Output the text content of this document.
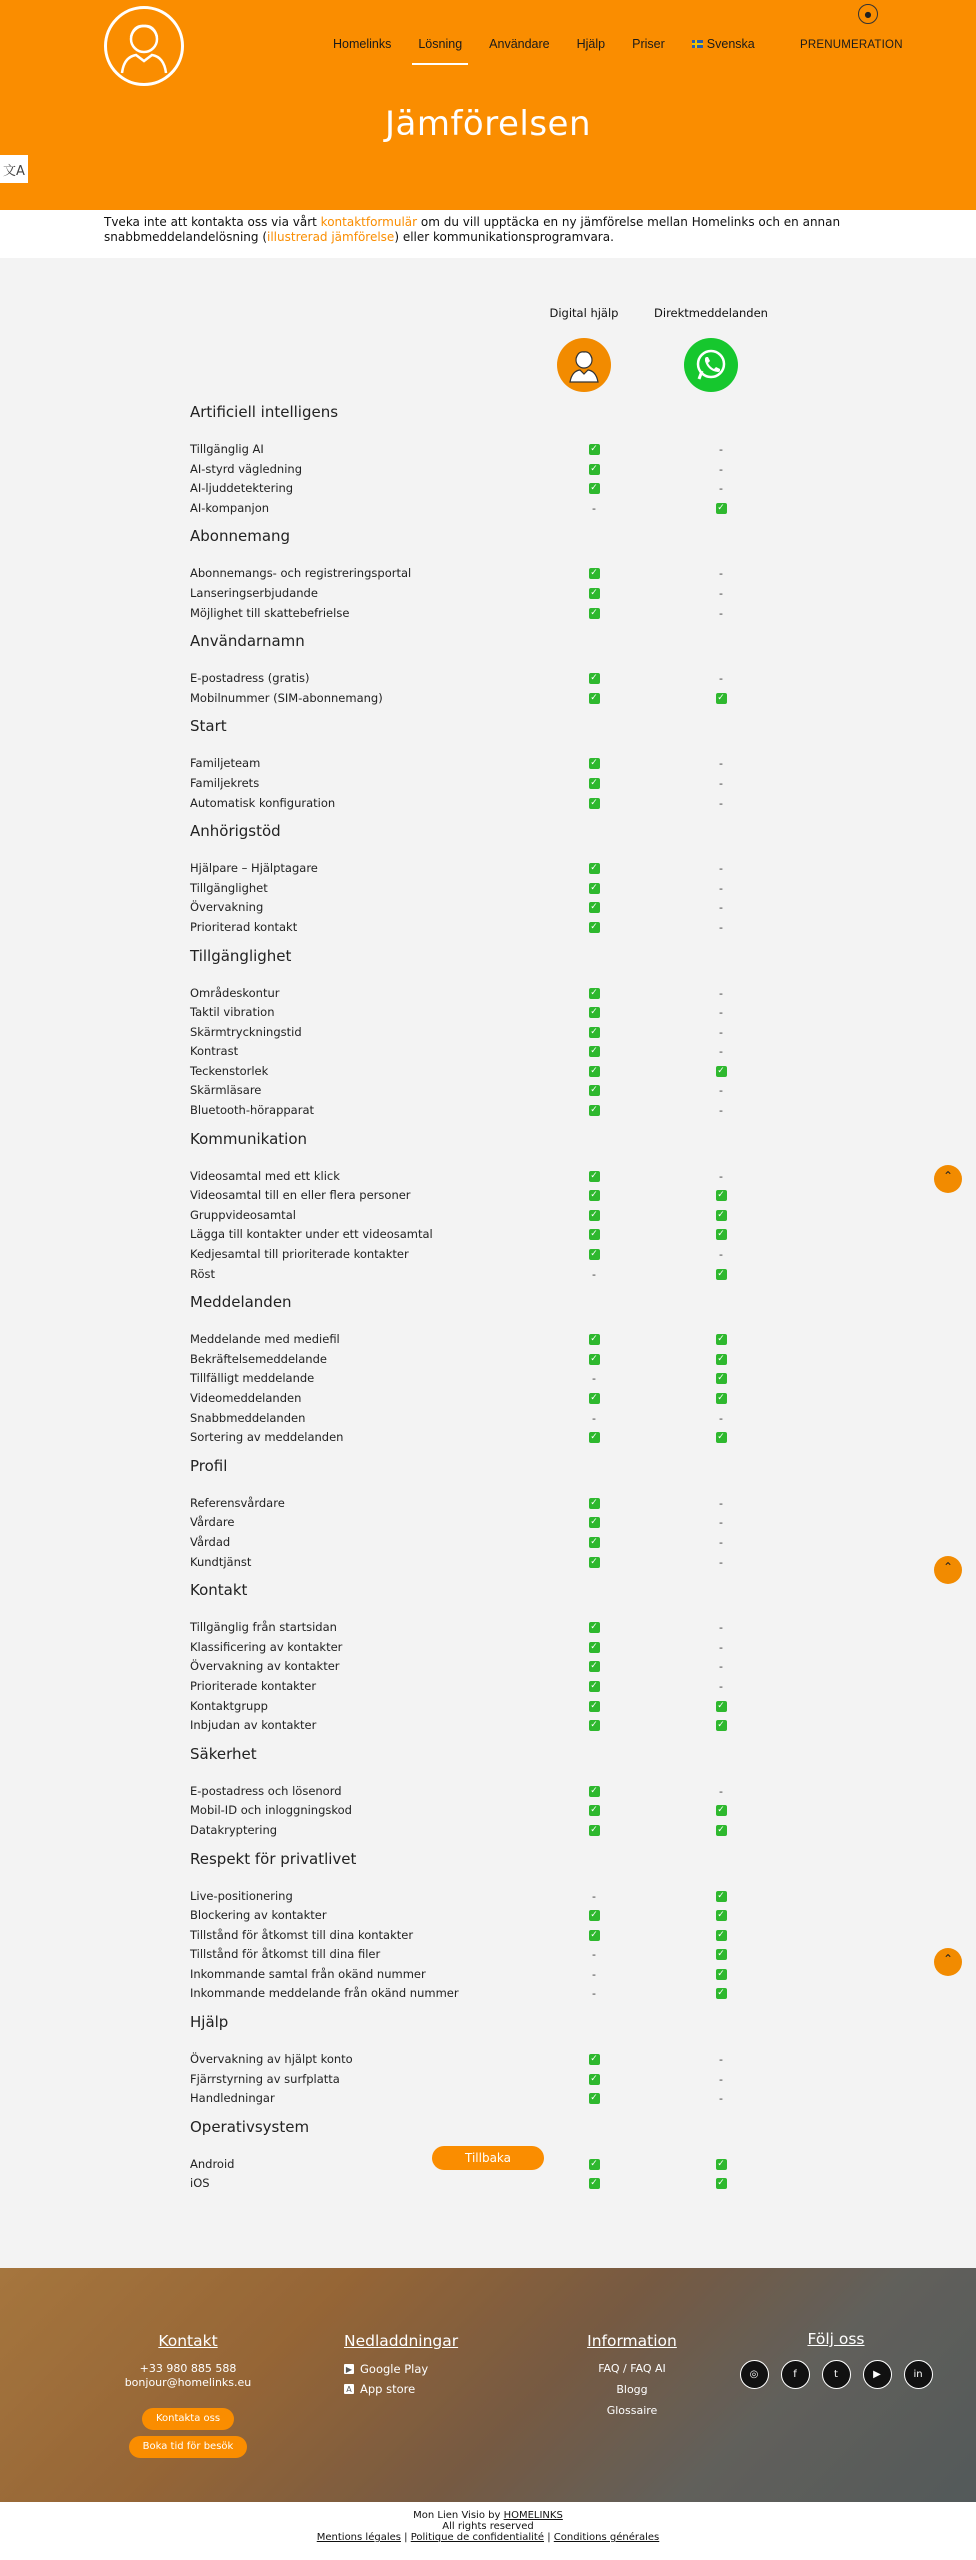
●
Homelinks Lösning Användare Hjälp Priser	Svenska	PRENUMERATION
Jämförelsen
文A

Tveka inte att kontakta oss via vårt kontaktformulär om du vill upptäcka en ny jämförelse mellan Homelinks och en annan snabbmeddelandelösning (illustrerad jämförelse) eller kommunikationsprogramvara.

Digital hjälp	Direktmeddelanden
Artificiell intelligens
Tillgänglig AI	✓	-
AI-styrd vägledning	✓	-
AI-ljuddetektering	✓	-
AI-kompanjon	-	✓
Abonnemang
Abonnemangs- och registreringsportal	✓	-
Lanseringserbjudande	✓	-
Möjlighet till skattebefrielse	✓	-
Användarnamn
E-postadress (gratis)	✓	-
Mobilnummer (SIM-abonnemang)	✓	✓
Start
Familjeteam	✓	-
Familjekrets	✓	-
Automatisk konfiguration	✓	-
Anhörigstöd
Hjälpare – Hjälptagare	✓	-
Tillgänglighet	✓	-
Övervakning	✓	-
Prioriterad kontakt	✓	-
Tillgänglighet
Områdeskontur	✓	-
Taktil vibration	✓	-
Skärmtryckningstid	✓	-
Kontrast	✓	-
Teckenstorlek	✓	✓
Skärmläsare	✓	-
Bluetooth-hörapparat	✓	-
Kommunikation
Videosamtal med ett klick	✓	-
Videosamtal till en eller flera personer	✓	✓
Gruppvideosamtal	✓	✓
Lägga till kontakter under ett videosamtal	✓	✓
Kedjesamtal till prioriterade kontakter	✓	-
Röst	-	✓
Meddelanden
Meddelande med mediefil	✓	✓
Bekräftelsemeddelande	✓	✓
Tillfälligt meddelande	-	✓
Videomeddelanden	✓	✓
Snabbmeddelanden	-	-
Sortering av meddelanden	✓	✓
Profil
Referensvårdare	✓	-
Vårdare	✓	-
Vårdad	✓	-
Kundtjänst	✓	-
Kontakt
Tillgänglig från startsidan	✓	-
Klassificering av kontakter	✓	-
Övervakning av kontakter	✓	-
Prioriterade kontakter	✓	-
Kontaktgrupp	✓	✓
Inbjudan av kontakter	✓	✓
Säkerhet
E-postadress och lösenord	✓	-
Mobil-ID och inloggningskod	✓	✓
Datakryptering	✓	✓
Respekt för privatlivet
Live-positionering	-	✓
Blockering av kontakter	✓	✓
Tillstånd för åtkomst till dina kontakter	✓	✓
Tillstånd för åtkomst till dina filer	-	✓
Inkommande samtal från okänd nummer	-	✓
Inkommande meddelande från okänd nummer	-	✓
Hjälp
Övervakning av hjälpt konto	✓	-
Fjärrstyrning av surfplatta	✓	-
Handledningar	✓	-
Operativsystem
Android	✓	✓
iOS	✓	✓
Tillbaka
⌃
⌃
⌃
Kontakt
+33 980 885 588
bonjour@homelinks.eu
Kontakta oss
Boka tid för besök
Nedladdningar
▶ Google Play
A App store
Information
FAQ / FAQ AI
Blogg
Glossaire
Följ oss
◎	f	t	▶	in
Mon Lien Visio by HOMELINKS
All rights reserved
Mentions légales | Politique de confidentialité | Conditions générales
